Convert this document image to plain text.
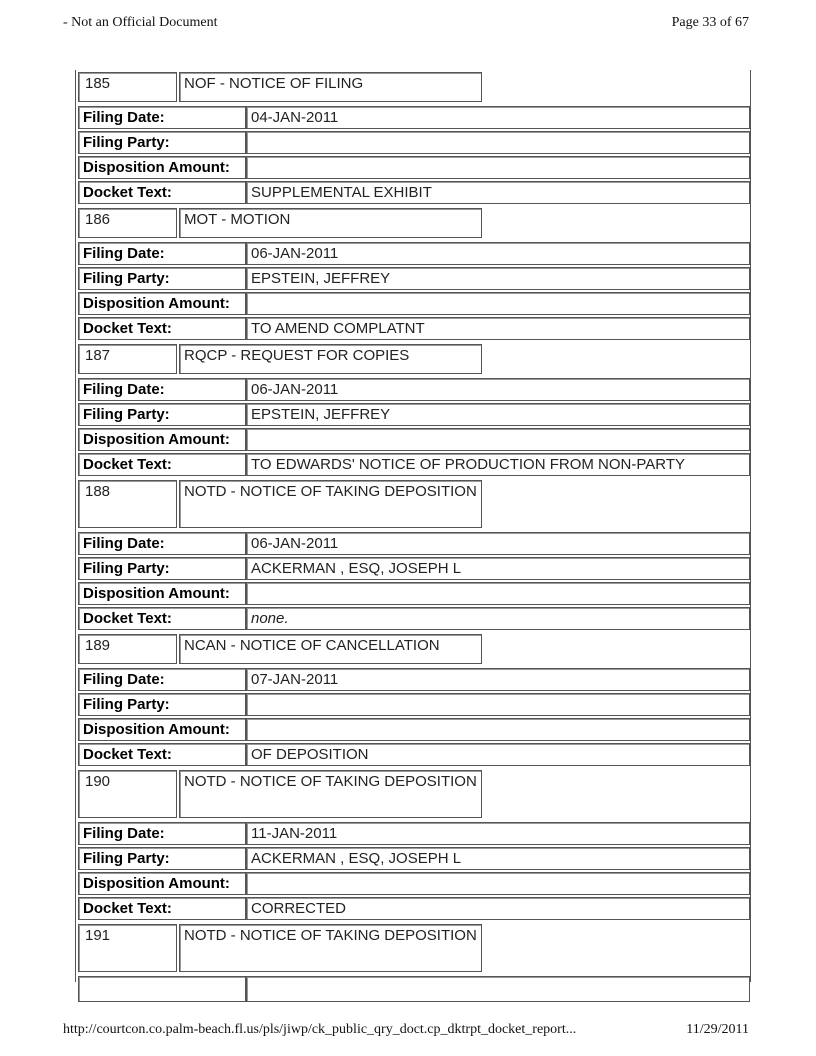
- Not an Official Document	Page 33 of 67
185	NOF - NOTICE OF FILING
Filing Date:	04-JAN-2011
Filing Party:
Disposition Amount:
Docket Text:	SUPPLEMENTAL EXHIBIT
186	MOT - MOTION
Filing Date:	06-JAN-2011
Filing Party:	EPSTEIN, JEFFREY
Disposition Amount:
Docket Text:	TO AMEND COMPLATNT
187	RQCP - REQUEST FOR COPIES
Filing Date:	06-JAN-2011
Filing Party:	EPSTEIN, JEFFREY
Disposition Amount:
Docket Text:	TO EDWARDS' NOTICE OF PRODUCTION FROM NON-PARTY
188	NOTD - NOTICE OF TAKING DEPOSITION
Filing Date:	06-JAN-2011
Filing Party:	ACKERMAN , ESQ, JOSEPH L
Disposition Amount:
Docket Text:	none.
189	NCAN - NOTICE OF CANCELLATION
Filing Date:	07-JAN-2011
Filing Party:
Disposition Amount:
Docket Text:	OF DEPOSITION
190	NOTD - NOTICE OF TAKING DEPOSITION
Filing Date:	11-JAN-2011
Filing Party:	ACKERMAN , ESQ, JOSEPH L
Disposition Amount:
Docket Text:	CORRECTED
191	NOTD - NOTICE OF TAKING DEPOSITION
http://courtcon.co.palm-beach.fl.us/pls/jiwp/ck_public_qry_doct.cp_dktrpt_docket_report...	11/29/2011
